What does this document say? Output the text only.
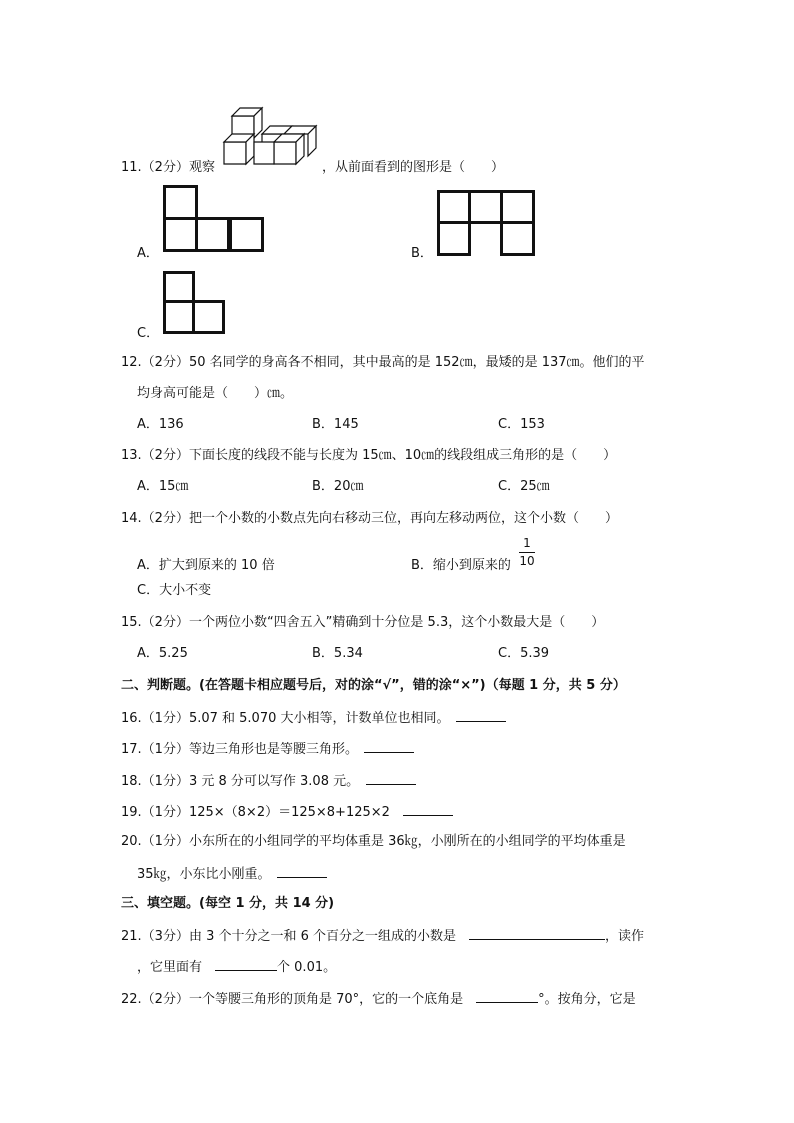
11.（2分）观察	，从前面看到的图形是（　　）
A．	B．
C．
12.（2分）50 名同学的身高各不相同，其中最高的是 152㎝，最矮的是 137㎝。他们的平
均身高可能是（　　）㎝。
A．136	B．145	C．153
13.（2分）下面长度的线段不能与长度为 15㎝、10㎝的线段组成三角形的是（　　）
A．15㎝	B．20㎝	C．25㎝
14.（2分）把一个小数的小数点先向右移动三位，再向左移动两位，这个小数（　　）
A．扩大到原来的 10 倍	B．缩小到原来的
1
10
C．大小不变
15.（2分）一个两位小数“四舍五入”精确到十分位是 5.3，这个小数最大是（　　）
A．5.25	B．5.34	C．5.39
二、判断题。(在答题卡相应题号后，对的涂“√”，错的涂“×”)（每题 1 分，共 5 分）
16.（1分）5.07 和 5.070 大小相等，计数单位也相同。　
17.（1分）等边三角形也是等腰三角形。　
18.（1分）3 元 8 分可以写作 3.08 元。　
19.（1分）125×（8×2）＝125×8+125×2　
20.（1分）小东所在的小组同学的平均体重是 36㎏，小刚所在的小组同学的平均体重是
35㎏，小东比小刚重。　
三、填空题。(每空 1 分，共 14 分)
21.（3分）由 3 个十分之一和 6 个百分之一组成的小数是　	，读作
，它里面有　	个 0.01。
22.（2分）一个等腰三角形的顶角是 70°，它的一个底角是　	°。按角分，它是
